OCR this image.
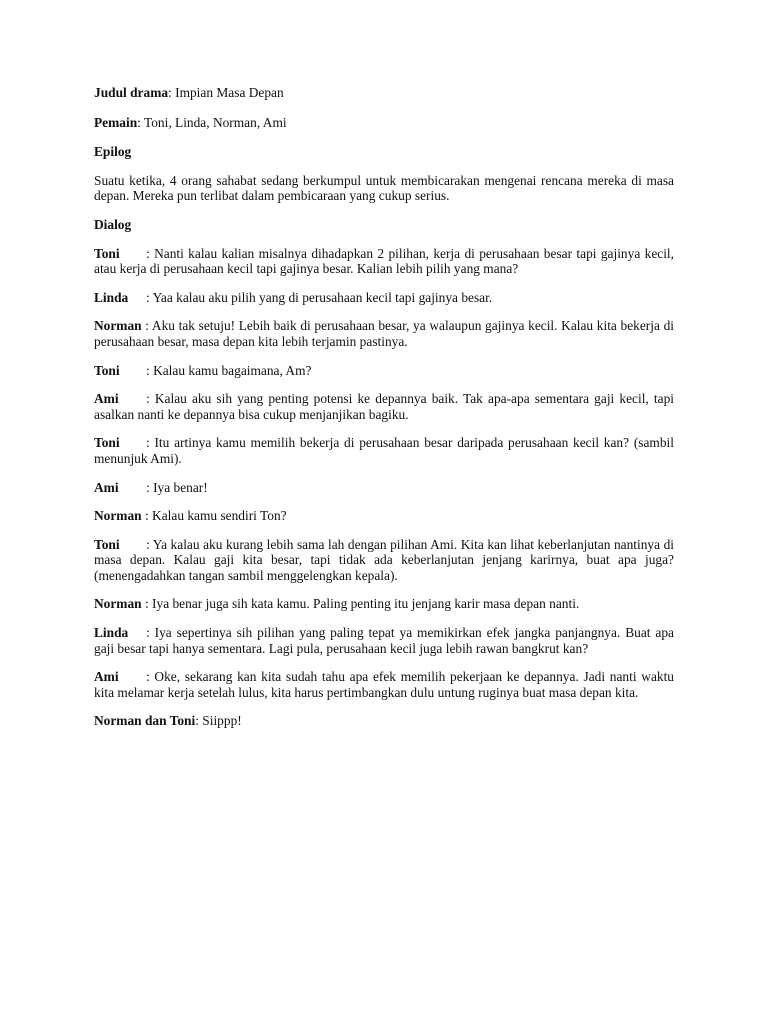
Judul drama: Impian Masa Depan

Pemain: Toni, Linda, Norman, Ami

Epilog

Suatu ketika, 4 orang sahabat sedang berkumpul untuk membicarakan mengenai rencana mereka di masa depan. Mereka pun terlibat dalam pembicaraan yang cukup serius.

Dialog

Toni : Nanti kalau kalian misalnya dihadapkan 2 pilihan, kerja di perusahaan besar tapi gajinya kecil, atau kerja di perusahaan kecil tapi gajinya besar. Kalian lebih pilih yang mana?

Linda : Yaa kalau aku pilih yang di perusahaan kecil tapi gajinya besar.

Norman : Aku tak setuju! Lebih baik di perusahaan besar, ya walaupun gajinya kecil. Kalau kita bekerja di perusahaan besar, masa depan kita lebih terjamin pastinya.

Toni : Kalau kamu bagaimana, Am?

Ami : Kalau aku sih yang penting potensi ke depannya baik. Tak apa-apa sementara gaji kecil, tapi asalkan nanti ke depannya bisa cukup menjanjikan bagiku.

Toni : Itu artinya kamu memilih bekerja di perusahaan besar daripada perusahaan kecil kan? (sambil menunjuk Ami).

Ami : Iya benar!

Norman : Kalau kamu sendiri Ton?

Toni : Ya kalau aku kurang lebih sama lah dengan pilihan Ami. Kita kan lihat keberlanjutan nantinya di masa depan. Kalau gaji kita besar, tapi tidak ada keberlanjutan jenjang karirnya, buat apa juga? (menengadahkan tangan sambil menggelengkan kepala).

Norman : Iya benar juga sih kata kamu. Paling penting itu jenjang karir masa depan nanti.

Linda : Iya sepertinya sih pilihan yang paling tepat ya memikirkan efek jangka panjangnya. Buat apa gaji besar tapi hanya sementara. Lagi pula, perusahaan kecil juga lebih rawan bangkrut kan?

Ami : Oke, sekarang kan kita sudah tahu apa efek memilih pekerjaan ke depannya. Jadi nanti waktu kita melamar kerja setelah lulus, kita harus pertimbangkan dulu untung ruginya buat masa depan kita.

Norman dan Toni: Siippp!
